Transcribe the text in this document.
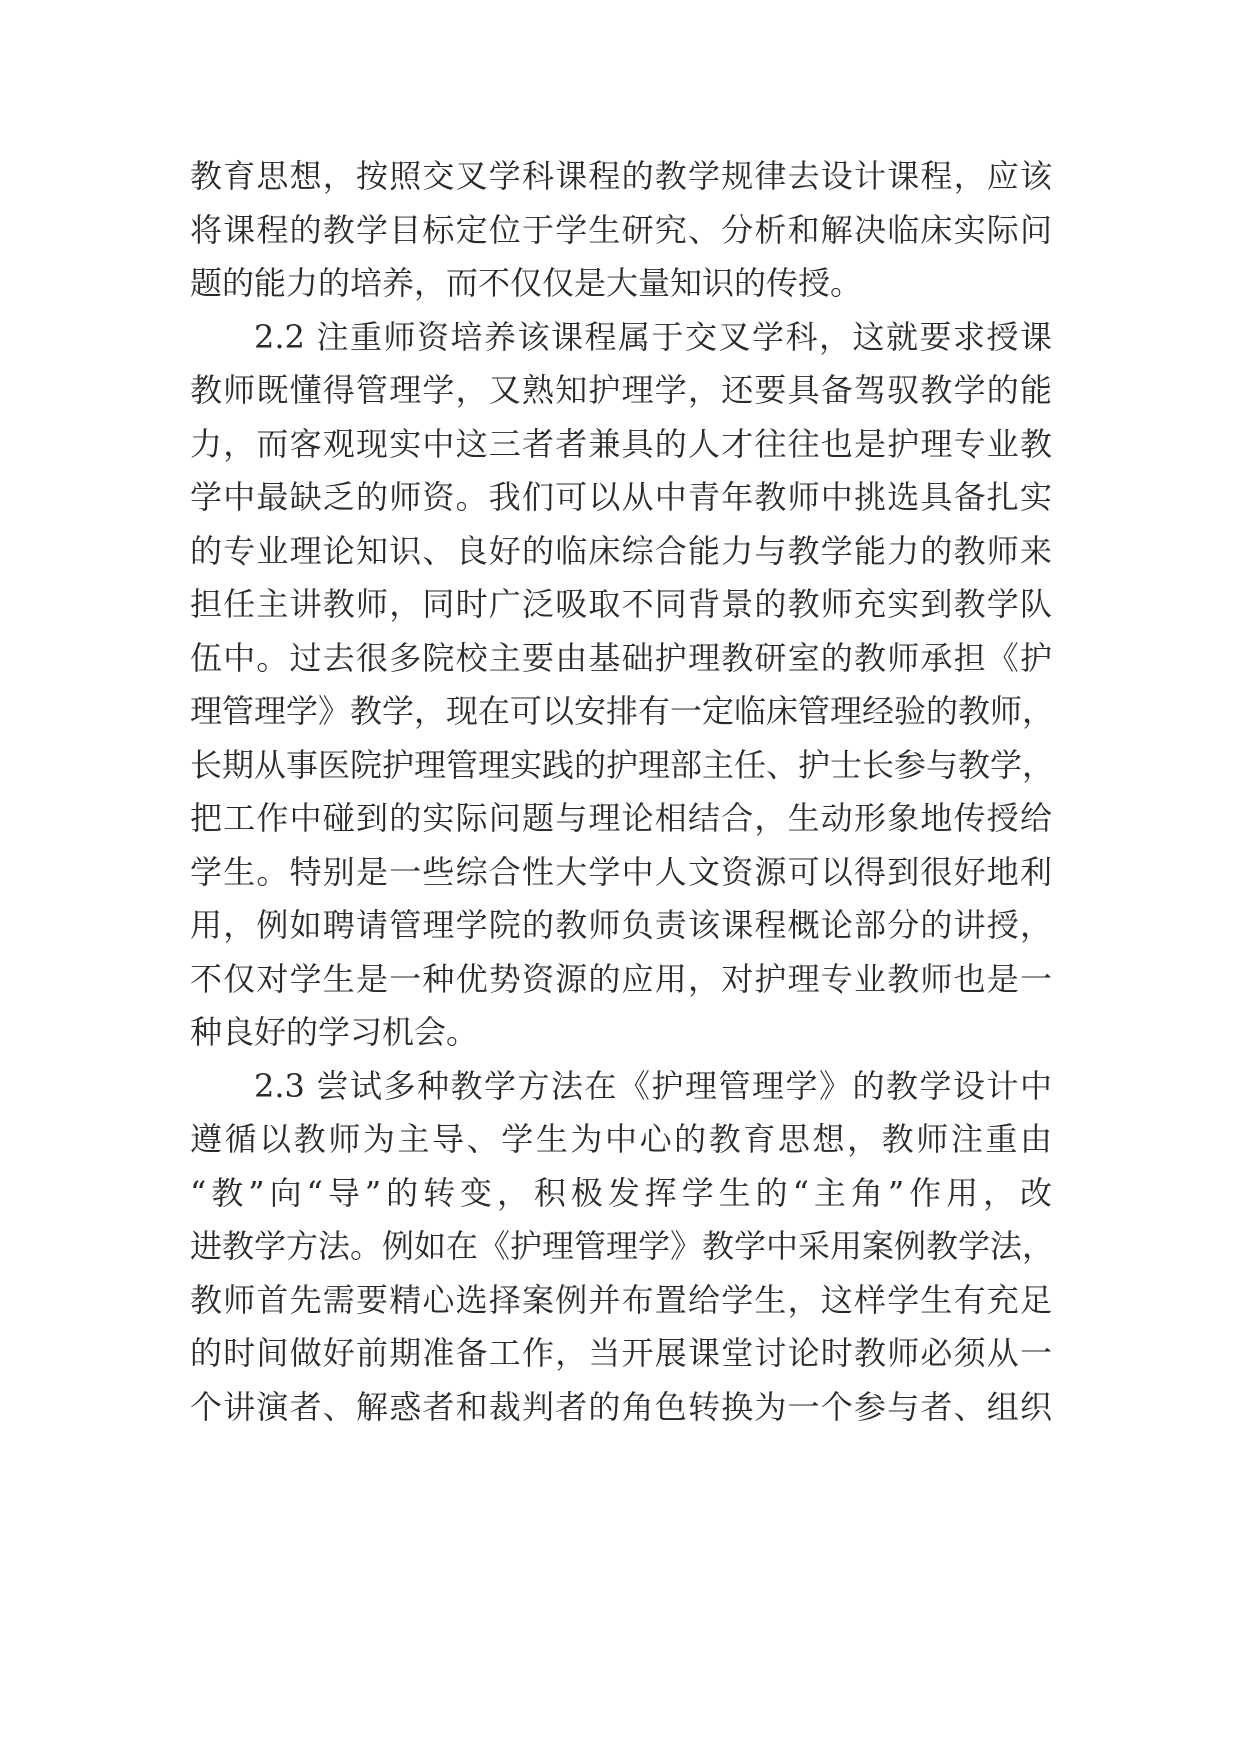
教育思想，按照交叉学科课程的教学规律去设计课程，应该
将课程的教学目标定位于学生研究、分析和解决临床实际问
题的能力的培养，而不仅仅是大量知识的传授。
2.2 注重师资培养该课程属于交叉学科，这就要求授课
教师既懂得管理学，又熟知护理学，还要具备驾驭教学的能
力，而客观现实中这三者者兼具的人才往往也是护理专业教
学中最缺乏的师资。我们可以从中青年教师中挑选具备扎实
的专业理论知识、良好的临床综合能力与教学能力的教师来
担任主讲教师，同时广泛吸取不同背景的教师充实到教学队
伍中。过去很多院校主要由基础护理教研室的教师承担《护
理管理学》教学，现在可以安排有一定临床管理经验的教师，
长期从事医院护理管理实践的护理部主任、护士长参与教学，
把工作中碰到的实际问题与理论相结合，生动形象地传授给
学生。特别是一些综合性大学中人文资源可以得到很好地利
用，例如聘请管理学院的教师负责该课程概论部分的讲授，
不仅对学生是一种优势资源的应用，对护理专业教师也是一
种良好的学习机会。
2.3 尝试多种教学方法在《护理管理学》的教学设计中
遵循以教师为主导、学生为中心的教育思想，教师注重由
“教”向“导”的转变，积极发挥学生的“主角”作用，改
进教学方法。例如在《护理管理学》教学中采用案例教学法，
教师首先需要精心选择案例并布置给学生，这样学生有充足
的时间做好前期准备工作，当开展课堂讨论时教师必须从一
个讲演者、解惑者和裁判者的角色转换为一个参与者、组织
